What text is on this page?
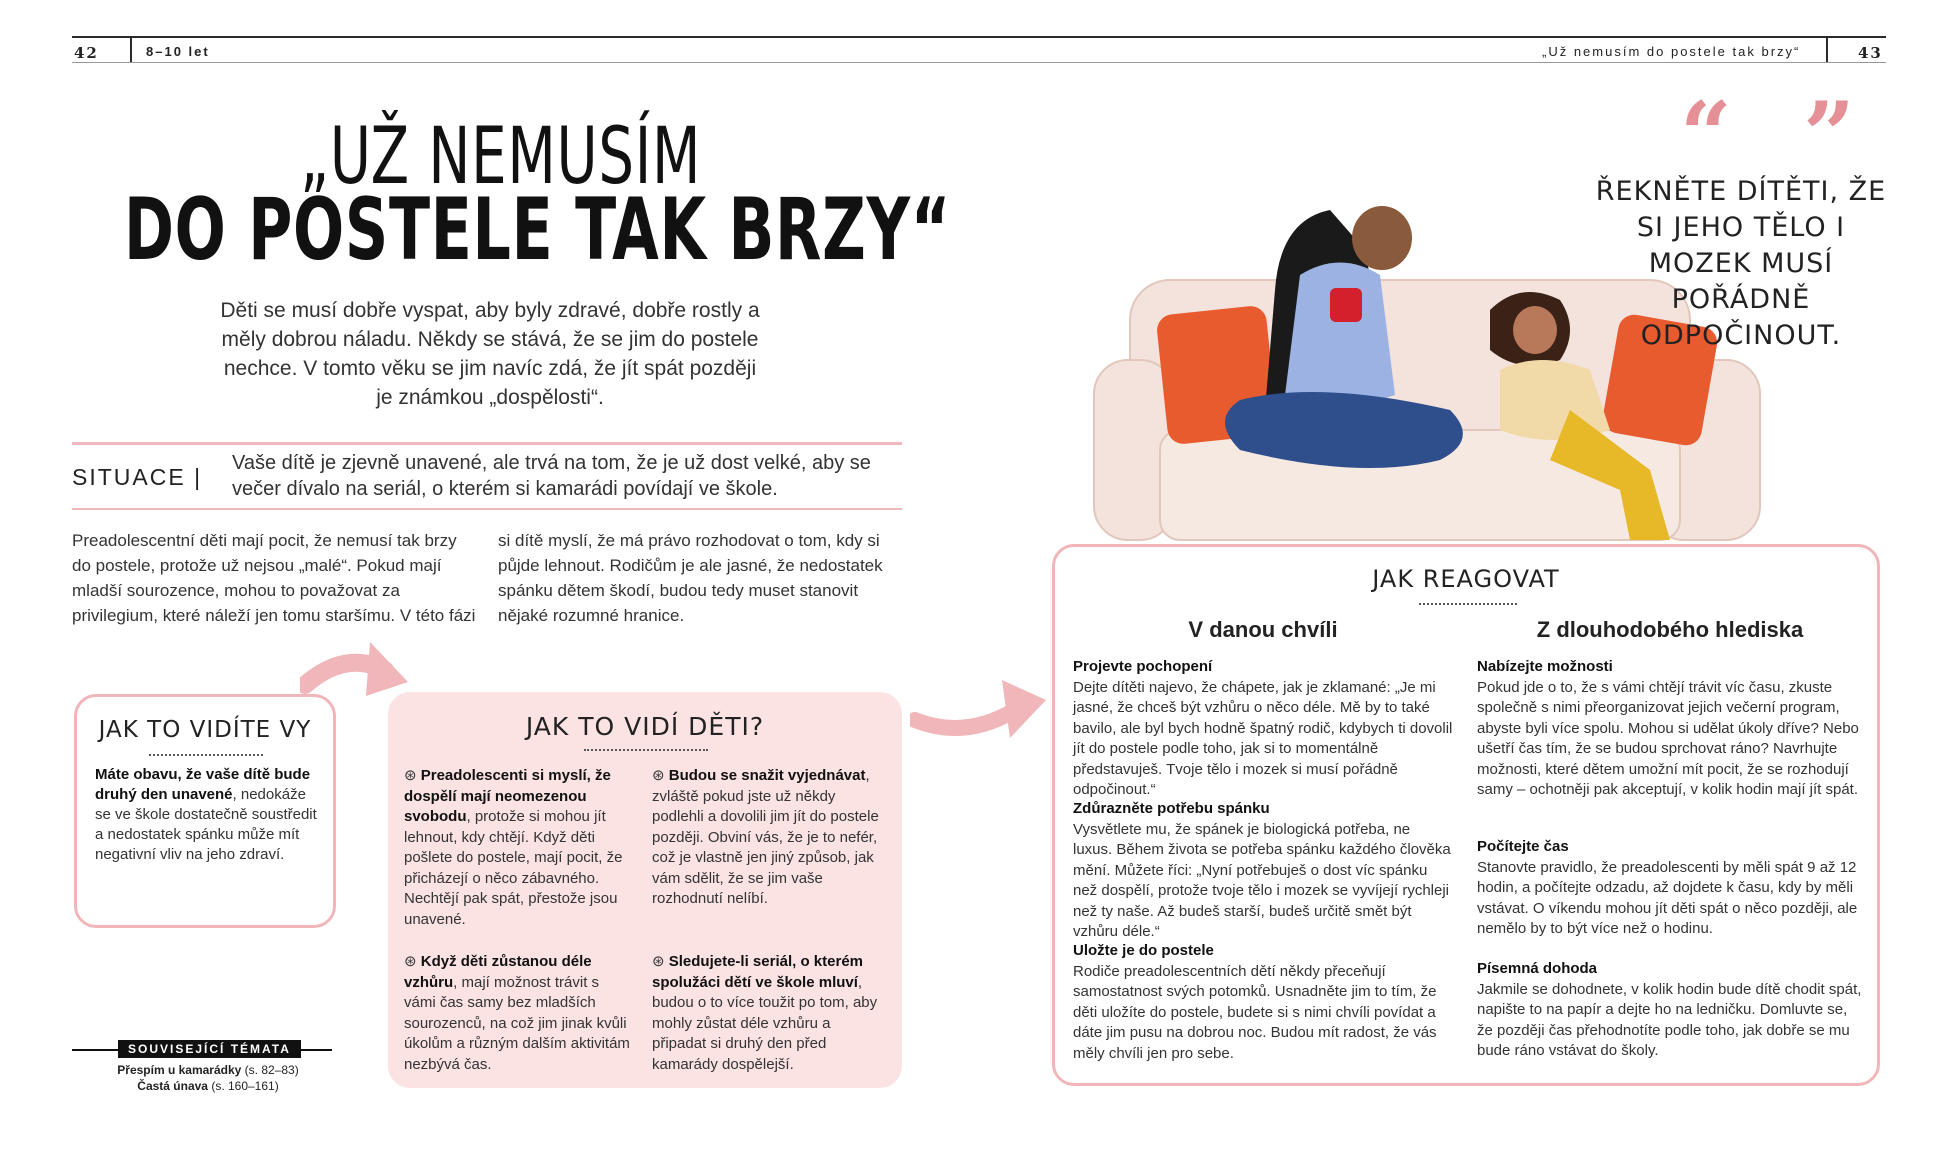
42	8–10 let	„Už nemusím do postele tak brzy“	43
„UŽ NEMUSÍM
DO POSTELE TAK BRZY“
Děti se musí dobře vyspat, aby byly zdravé, dobře rostly a měly dobrou náladu. Někdy se stává, že se jim do postele nechce. V tomto věku se jim navíc zdá, že jít spát později je známkou „dospělosti“.
SITUACE |
Vaše dítě je zjevně unavené, ale trvá na tom, že je už dost velké, aby se večer dívalo na seriál, o kterém si kamarádi povídají ve škole.
Preadolescentní děti mají pocit, že nemusí tak brzy do postele, protože už nejsou „malé“. Pokud mají mladší sourozence, mohou to považovat za privilegium, které náleží jen tomu staršímu. V této fázi
si dítě myslí, že má právo rozhodovat o tom, kdy si půjde lehnout. Rodičům je ale jasné, že nedostatek spánku dětem škodí, budou tedy muset stanovit nějaké rozumné hranice.
JAK TO VIDÍTE VY
Máte obavu, že vaše dítě bude druhý den unavené, nedokáže se ve škole dostatečně soustředit a nedostatek spánku může mít negativní vliv na jeho zdraví.
JAK TO VIDÍ DĚTI?
⊛ Preadolescenti si myslí, že dospělí mají neomezenou svobodu, protože si mohou jít lehnout, kdy chtějí. Když děti pošlete do postele, mají pocit, že přicházejí o něco zábavného. Nechtějí pak spát, přestože jsou unavené.
⊛ Budou se snažit vyjednávat, zvláště pokud jste už někdy podlehli a dovolili jim jít do postele později. Obviní vás, že je to nefér, což je vlastně jen jiný způsob, jak vám sdělit, že se jim vaše rozhodnutí nelíbí.
⊛ Když děti zůstanou déle vzhůru, mají možnost trávit s vámi čas samy bez mladších sourozenců, na což jim jinak kvůli úkolům a různým dalším aktivitám nezbývá čas.
⊛ Sledujete-li seriál, o kterém spolužáci dětí ve škole mluví, budou o to více toužit po tom, aby mohly zůstat déle vzhůru a připadat si druhý den před kamarády dospělejší.
SOUVISEJÍCÍ TÉMATA
Přespím u kamarádky (s. 82–83)
Častá únava (s. 160–161)
“ ”
ŘEKNĚTE DÍTĚTI, ŽE SI JEHO TĚLO I MOZEK MUSÍ POŘÁDNĚ ODPOČINOUT.
JAK REAGOVAT
V danou chvíli	Z dlouhodobého hlediska
Projevte pochopení
Dejte dítěti najevo, že chápete, jak je zklamané: „Je mi jasné, že chceš být vzhůru o něco déle. Mě by to také bavilo, ale byl bych hodně špatný rodič, kdybych ti dovolil jít do postele podle toho, jak si to momentálně představuješ. Tvoje tělo i mozek si musí pořádně odpočinout.“
Zdůrazněte potřebu spánku
Vysvětlete mu, že spánek je biologická potřeba, ne luxus. Během života se potřeba spánku každého člověka mění. Můžete říci: „Nyní potřebuješ o dost víc spánku než dospělí, protože tvoje tělo i mozek se vyvíjejí rychleji než ty naše. Až budeš starší, budeš určitě smět být vzhůru déle.“
Uložte je do postele
Rodiče preadolescentních dětí někdy přeceňují samostatnost svých potomků. Usnadněte jim to tím, že děti uložíte do postele, budete si s nimi chvíli povídat a dáte jim pusu na dobrou noc. Budou mít radost, že vás měly chvíli jen pro sebe.
Nabízejte možnosti
Pokud jde o to, že s vámi chtějí trávit víc času, zkuste společně s nimi přeorganizovat jejich večerní program, abyste byli více spolu. Mohou si udělat úkoly dříve? Nebo ušetří čas tím, že se budou sprchovat ráno? Navrhujte možnosti, které dětem umožní mít pocit, že se rozhodují samy – ochotněji pak akceptují, v kolik hodin mají jít spát.
Počítejte čas
Stanovte pravidlo, že preadolescenti by měli spát 9 až 12 hodin, a počítejte odzadu, až dojdete k času, kdy by měli vstávat. O víkendu mohou jít děti spát o něco později, ale nemělo by to být více než o hodinu.
Písemná dohoda
Jakmile se dohodnete, v kolik hodin bude dítě chodit spát, napište to na papír a dejte ho na ledničku. Domluvte se, že později čas přehodnotíte podle toho, jak dobře se mu bude ráno vstávat do školy.
